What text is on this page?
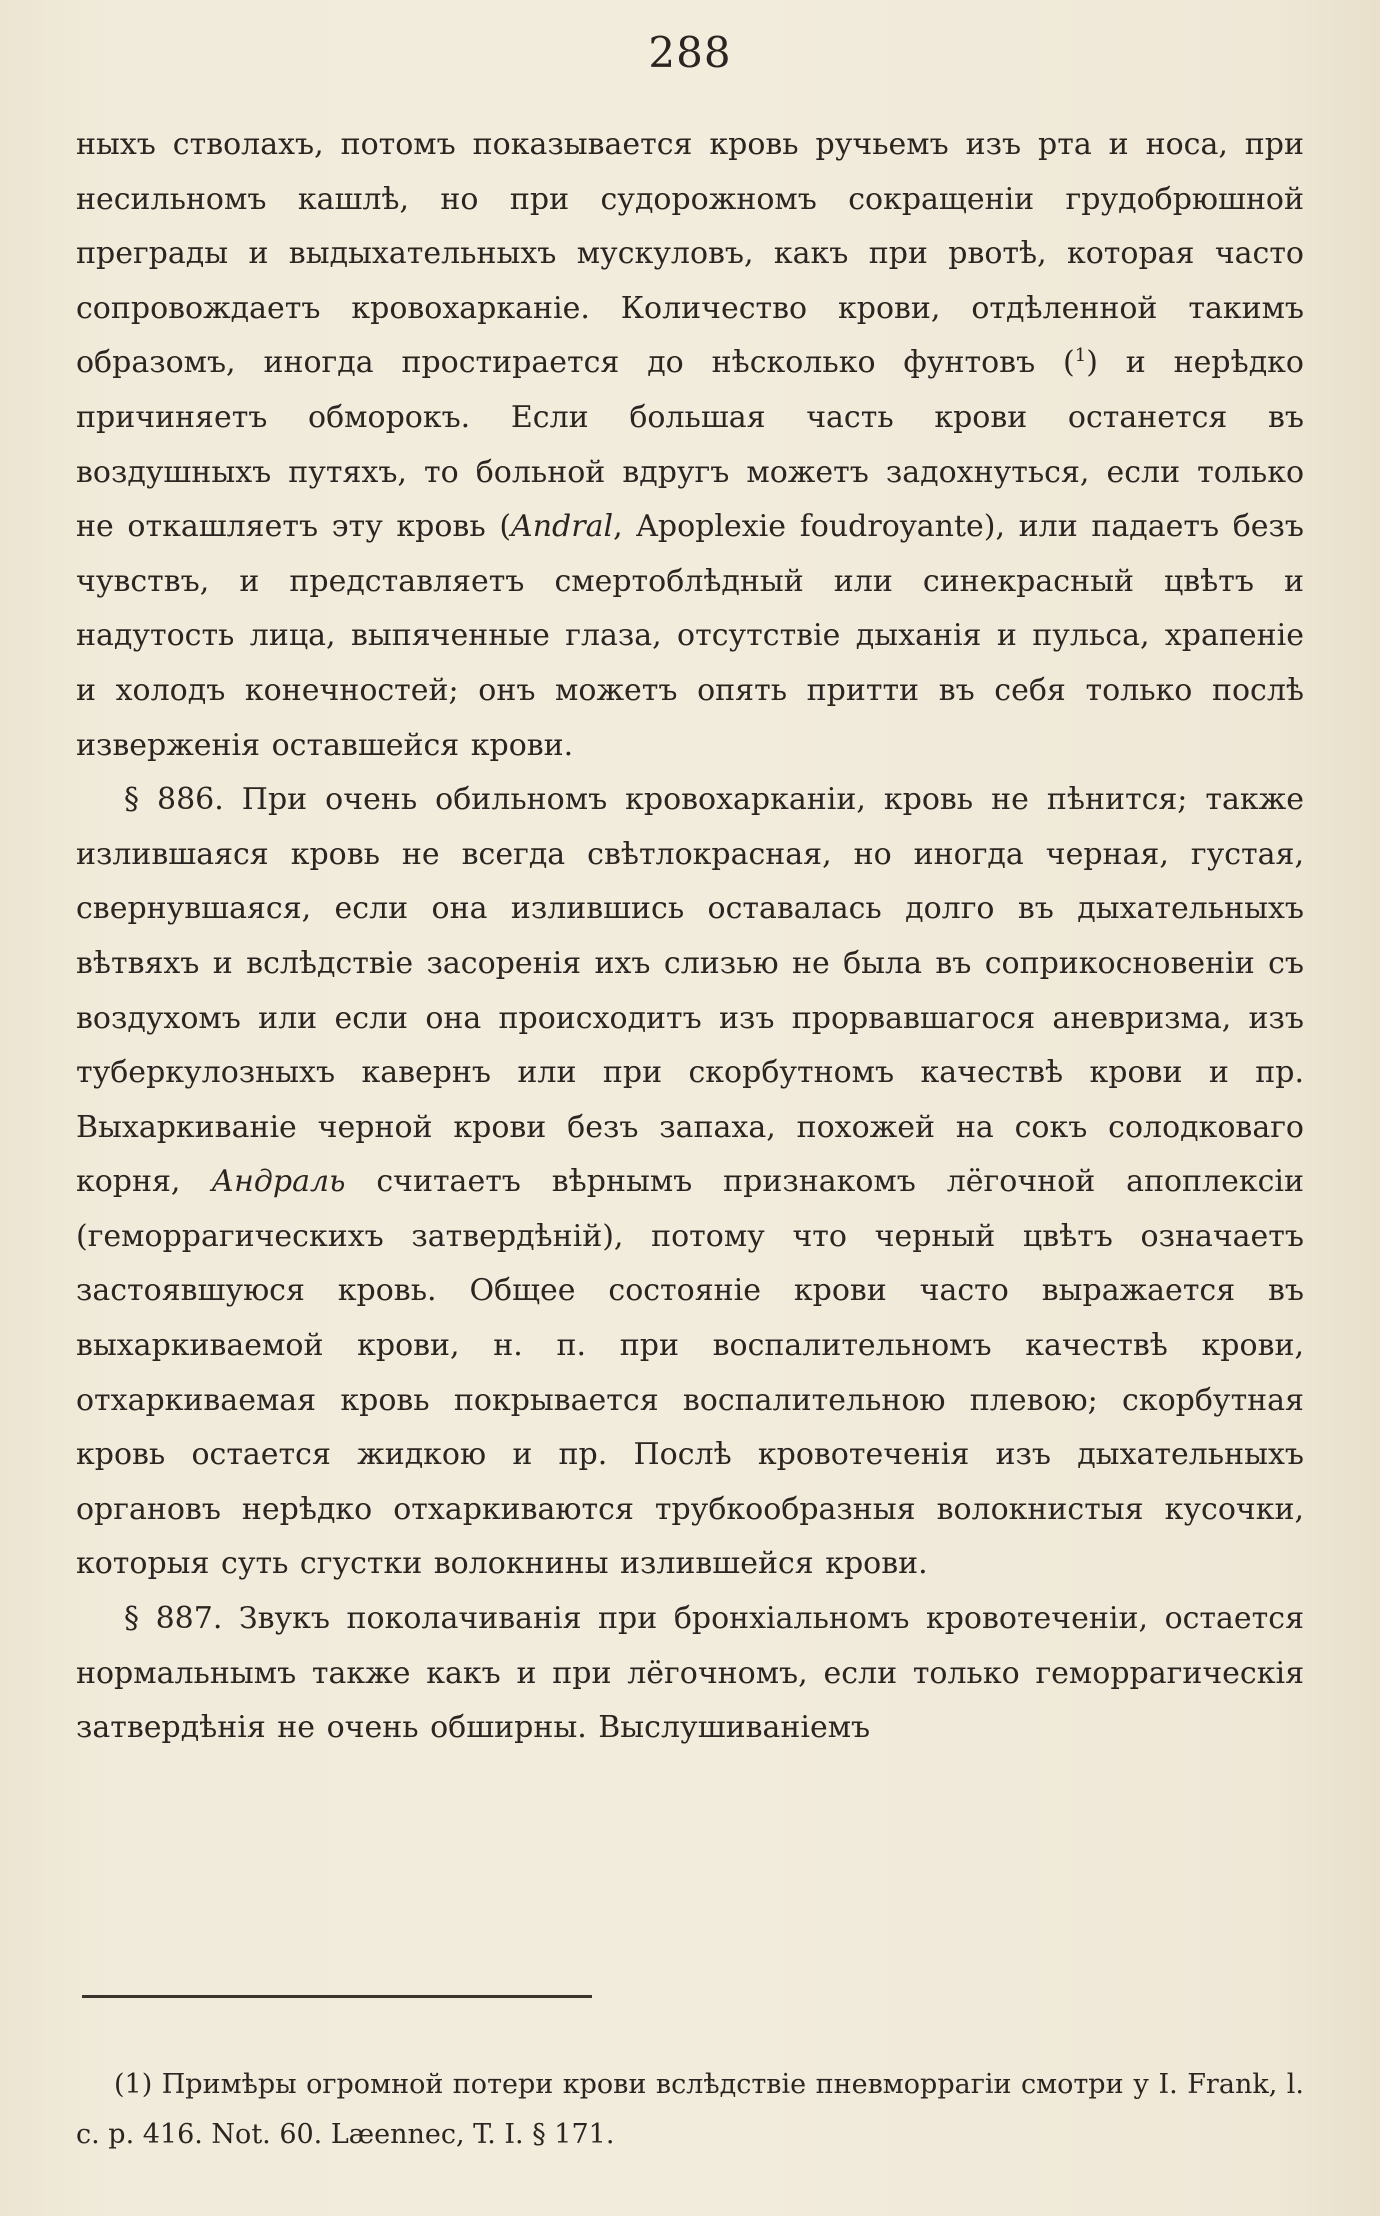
288

ныхъ стволахъ, потомъ показывается кровь ручьемъ изъ рта и носа, при несильномъ кашлѣ, но при судорожномъ сокращеніи грудобрюшной преграды и выдыхательныхъ мускуловъ, какъ при рвотѣ, которая часто сопровождаетъ кровохарканіе. Количество крови, отдѣленной такимъ образомъ, иногда простирается до нѣсколько фунтовъ ($^1$) и нерѣдко причиняетъ обморокъ. Если большая часть крови останется въ воздушныхъ путяхъ, то больной вдругъ можетъ задохнуться, если только не откашляетъ эту кровь (Andral, Apoplexie foudroyante), или падаетъ безъ чувствъ, и представляетъ смертоблѣдный или синекрасный цвѣтъ и надутость лица, выпяченные глаза, отсутствіе дыханія и пульса, храпеніе и холодъ конечностей; онъ можетъ опять притти въ себя только послѣ изверженія оставшейся крови.

§ 886. При очень обильномъ кровохарканіи, кровь не пѣнится; также излившаяся кровь не всегда свѣтлокрасная, но иногда черная, густая, свернувшаяся, если она излившись оставалась долго въ дыхательныхъ вѣтвяхъ и вслѣдствіе засоренія ихъ слизью не была въ соприкосновеніи съ воздухомъ или если она происходитъ изъ прорвавшагося аневризма, изъ туберкулозныхъ кавернъ или при скорбутномъ качествѣ крови и пр. Выхаркиваніе черной крови безъ запаха, похожей на сокъ солодковаго корня, Андраль считаетъ вѣрнымъ признакомъ лёгочной апоплексіи (геморрагическихъ затвердѣній), потому что черный цвѣтъ означаетъ застоявшуюся кровь. Общее состояніе крови часто выражается въ выхаркиваемой крови, н. п. при воспалительномъ качествѣ крови, отхаркиваемая кровь покрывается воспалительною плевою; скорбутная кровь остается жидкою и пр. Послѣ кровотеченія изъ дыхательныхъ органовъ нерѣдко отхаркиваются трубкообразныя волокнистыя кусочки, которыя суть сгустки волокнины излившейся крови.

§ 887. Звукъ поколачиванія при бронхіальномъ кровотеченіи, остается нормальнымъ также какъ и при лёгочномъ, если только геморрагическія затвердѣнія не очень обширны. Выслушиваніемъ

(1) Примѣры огромной потери крови вслѣдствіе пневморрагіи смотри у I. Frank, l. c. p. 416. Not. 60. Læennec, T. I. § 171.
